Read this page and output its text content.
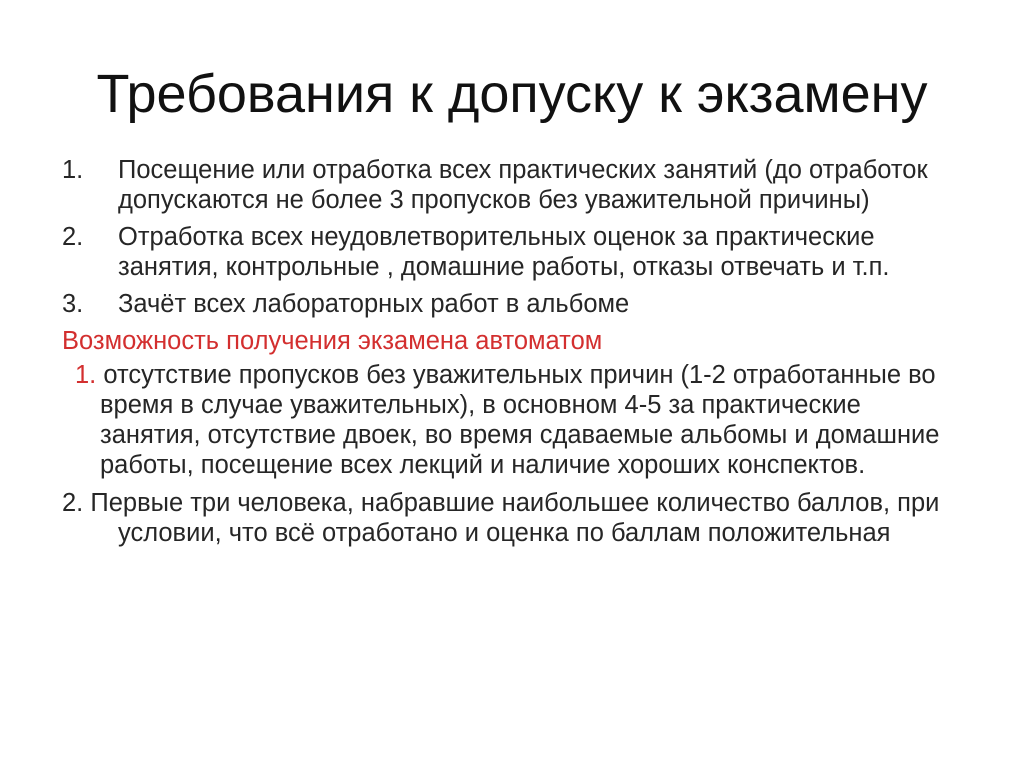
Требования к допуску к экзамену
1. Посещение или отработка всех практических занятий (до отработок допускаются не более 3 пропусков без уважительной причины)
2. Отработка всех неудовлетворительных оценок за практические занятия, контрольные , домашние работы, отказы отвечать и т.п.
3. Зачёт всех лабораторных работ в альбоме
Возможность получения экзамена автоматом
1. отсутствие пропусков без уважительных причин (1-2 отработанные во время в случае уважительных), в основном 4-5 за практические занятия, отсутствие двоек, во время сдаваемые альбомы и домашние работы, посещение всех лекций и наличие хороших конспектов.
2. Первые три человека, набравшие наибольшее количество баллов, при условии, что всё отработано и оценка по баллам положительная
